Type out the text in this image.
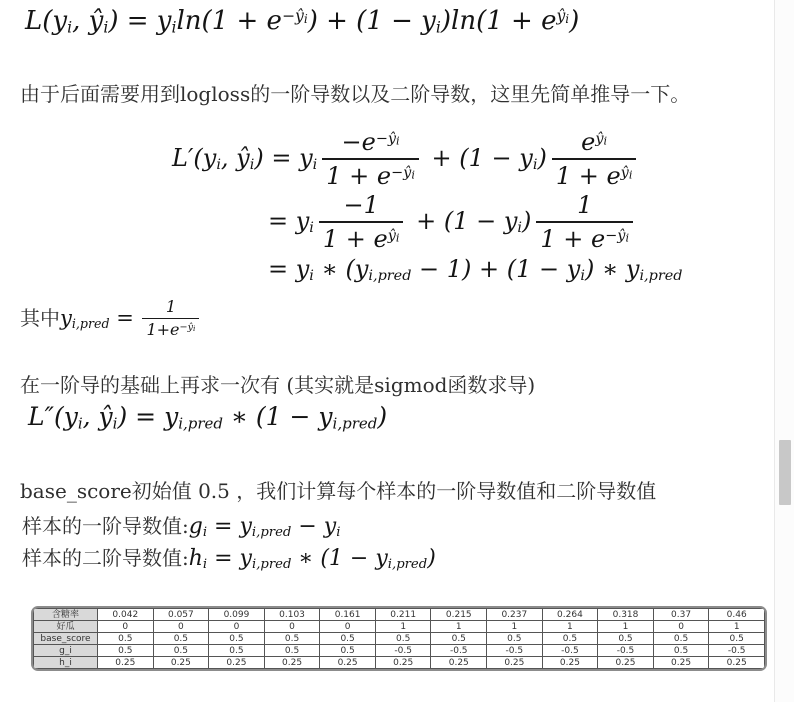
$L(y_i$, $ŷ_i) = y_i\ln(1 + e^{-ŷi}) + (1 - y_i)\ln(1 + e^{ŷi})$
由于后面需要用到logloss的一阶导数以及二阶导数，这里先简单推导一下。
$L'(y_i$, $ŷ_i) = y_i \frac{-e^{-ŷi}}{1 + e^{-ŷi}} + (1 - y_i) \frac{e^{ŷi}}{1 + e^{ŷi}}$
= $y_i \frac{-1}{1 + e^{ŷi}} + (1 - y_i) \frac{1}{1 + e^{-ŷi}}$
= $y_i$ ∗ $(y_{i,pred} - 1) + (1 - y_i)$ ∗ $y_{i,pred}$
其中 $y_{i,pred} = \frac{1}{1+e^{-ŷi}}$
在一阶导的基础上再求一次有 (其实就是sigmod函数求导)
$L''(y_i$, $ŷ_i) = y_{i,pred}$ ∗ $(1 - y_{i,pred})$
base_score初始值 0.5 ，我们计算每个样本的一阶导数值和二阶导数值
样本的一阶导数值: $g_i = y_{i,pred} - y_i$
样本的二阶导数值: $h_i = y_{i,pred}$ ∗ $(1 - y_{i,pred})$
含糖率	0.042	0.057	0.099	0.103	0.161	0.211	0.215	0.237	0.264	0.318	0.37	0.46
好瓜	0	0	0	0	0	1	1	1	1	1	0	1
base_score	0.5	0.5	0.5	0.5	0.5	0.5	0.5	0.5	0.5	0.5	0.5	0.5
g_i	0.5	0.5	0.5	0.5	0.5	-0.5	-0.5	-0.5	-0.5	-0.5	0.5	-0.5
h_i	0.25	0.25	0.25	0.25	0.25	0.25	0.25	0.25	0.25	0.25	0.25	0.25
